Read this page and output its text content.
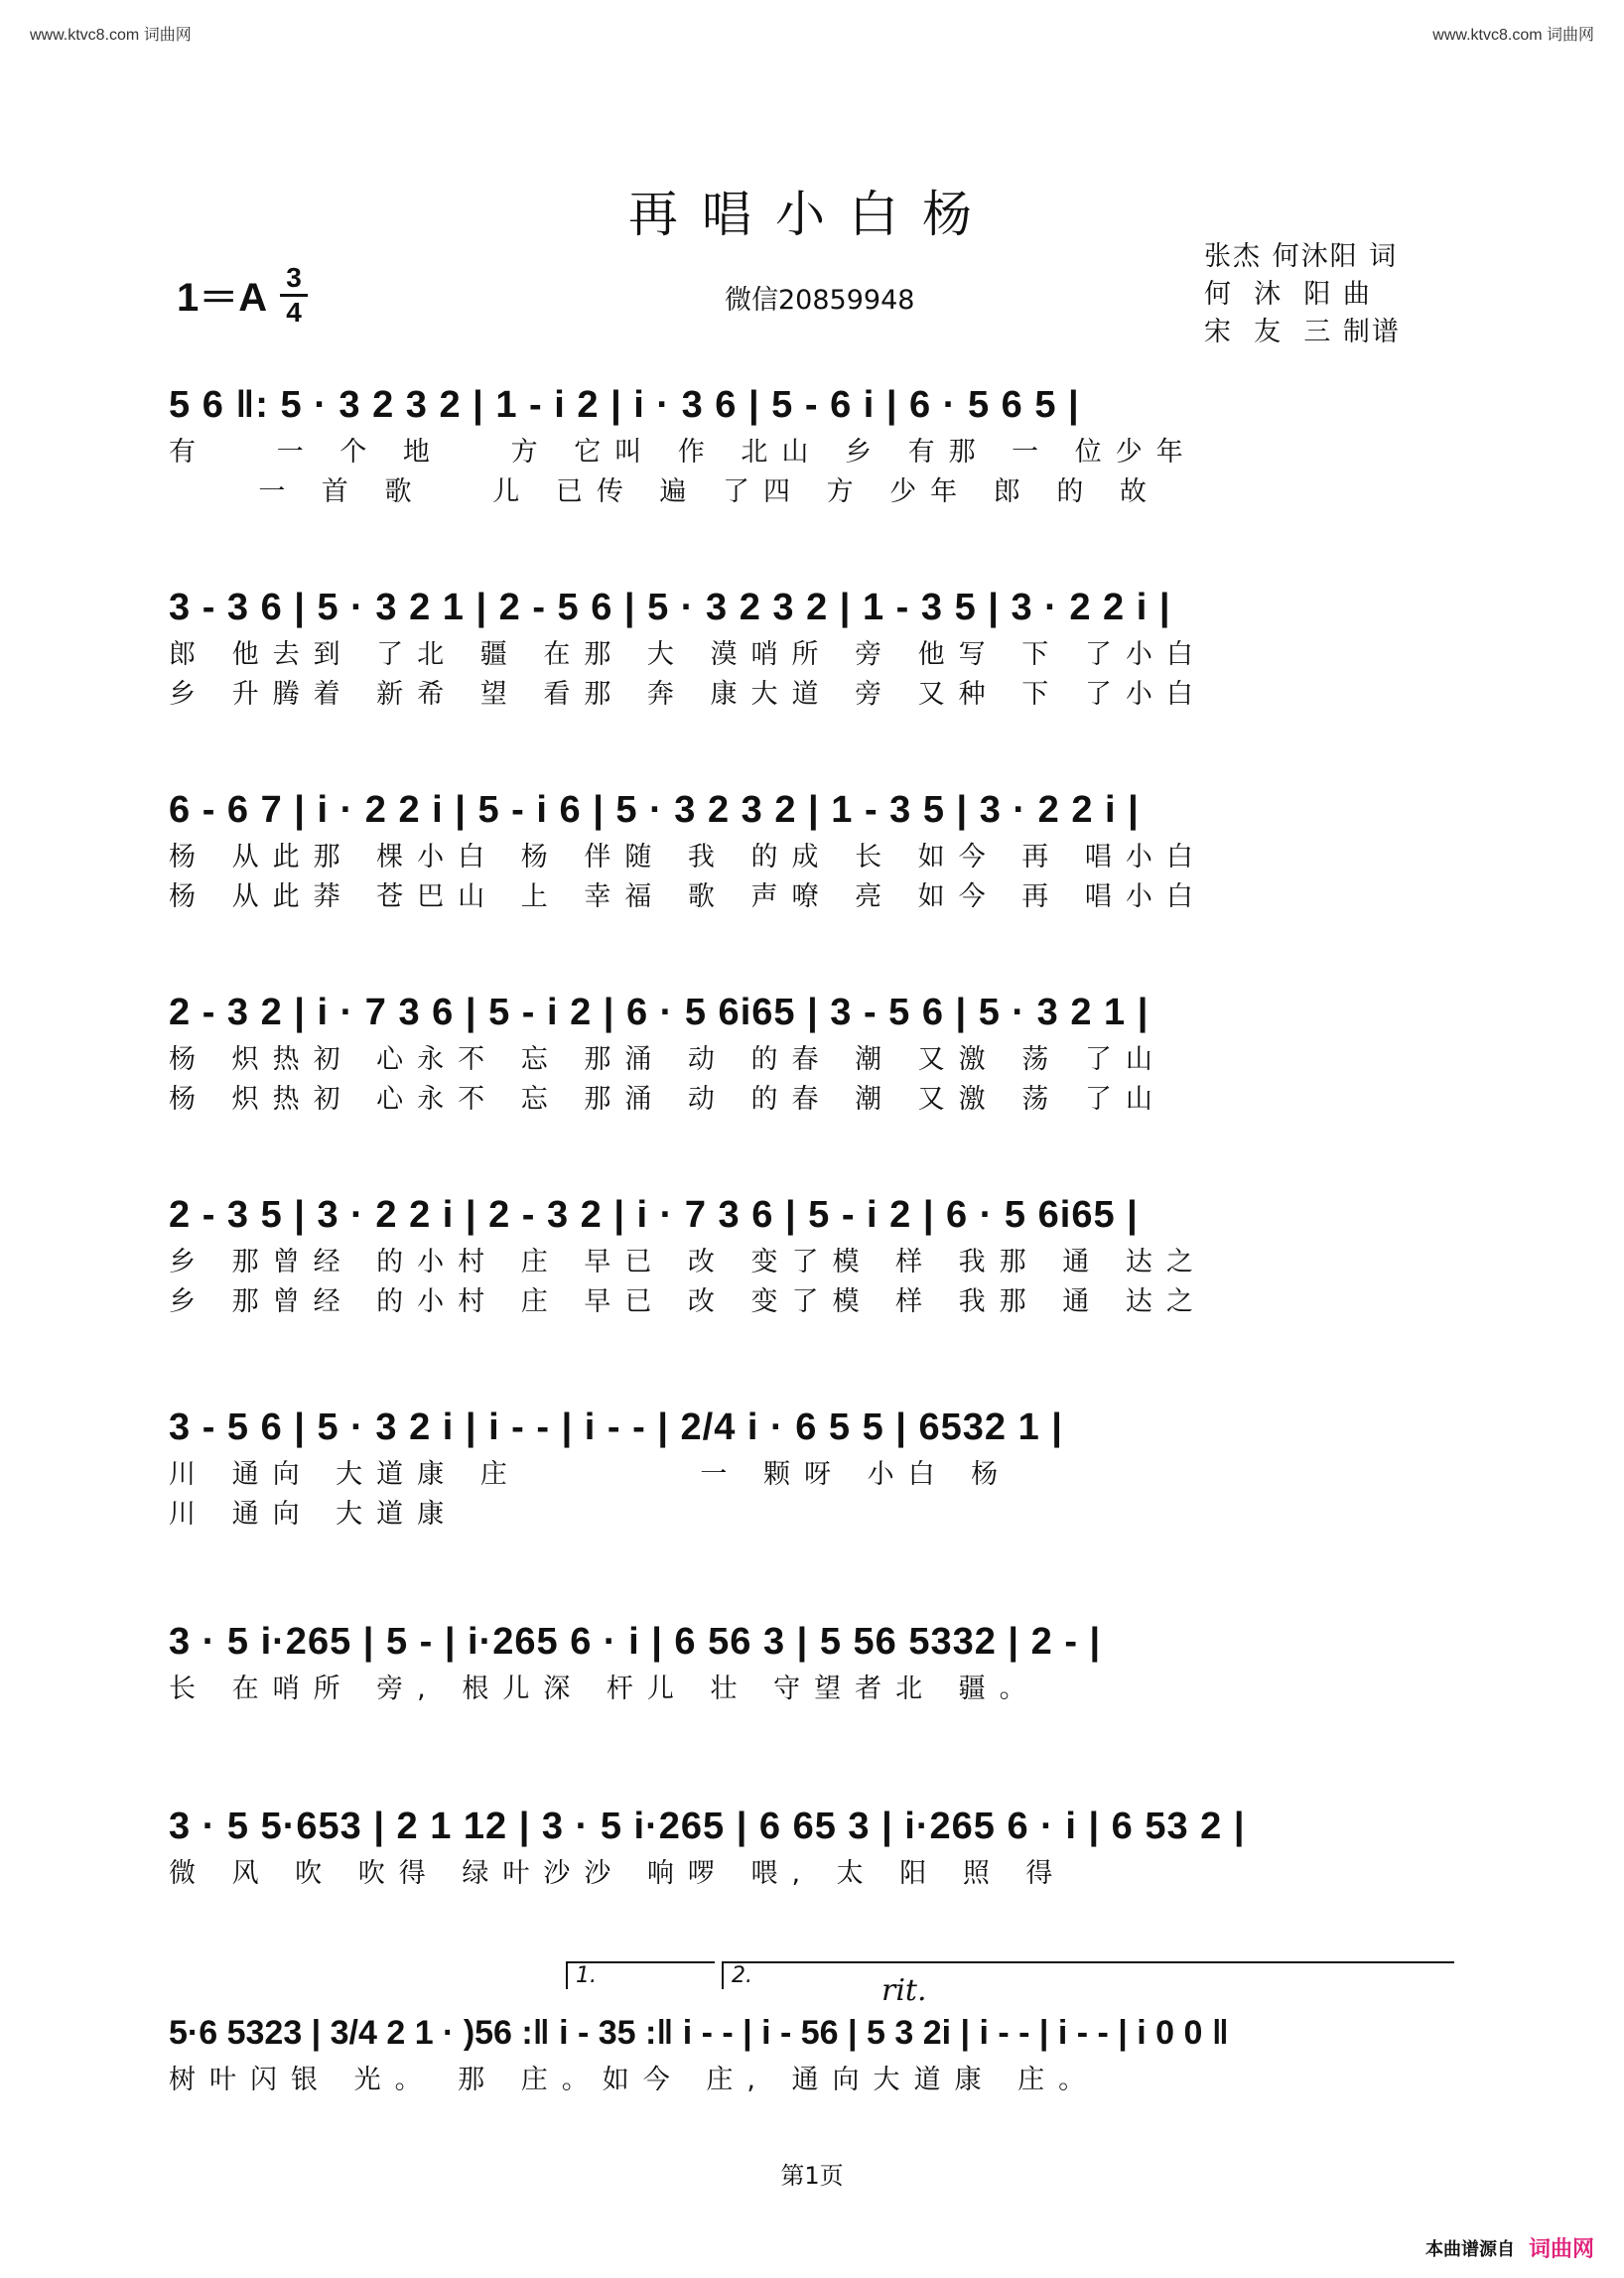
www.ktvc8.com 词曲网	www.ktvc8.com 词曲网
再唱小白杨
1＝A 3
4	微信20859948
张杰 何沐阳 词
何  沐  阳 曲
宋  友  三 制谱
5 6 ‖: 5 · 3 2 3 2 | 1 - i 2 | i · 3 6 | 5 - 6 i | 6 · 5 6 5 |
有   一 个 地   方 它叫 作 北山 乡 有那 一 位少年
一 首 歌   儿 已传 遍 了四 方 少年 郎 的 故
3 - 3 6 | 5 · 3 2 1 | 2 - 5 6 | 5 · 3 2 3 2 | 1 - 3 5 | 3 · 2 2 i |
郎 他去到 了北 疆 在那 大 漠哨所 旁 他写 下 了小白
乡 升腾着 新希 望 看那 奔 康大道 旁 又种 下 了小白
6 - 6 7 | i · 2 2 i | 5 - i 6 | 5 · 3 2 3 2 | 1 - 3 5 | 3 · 2 2 i |
杨 从此那 棵小白 杨 伴随 我 的成 长 如今 再 唱小白
杨 从此莽 苍巴山 上 幸福 歌 声嘹 亮 如今 再 唱小白
2 - 3 2 | i · 7 3 6 | 5 - i 2 | 6 · 5 6i65 | 3 - 5 6 | 5 · 3 2 1 |
杨 炽热初 心永不 忘 那涌 动 的春 潮 又激 荡 了山
杨 炽热初 心永不 忘 那涌 动 的春 潮 又激 荡 了山
2 - 3 5 | 3 · 2 2 i | 2 - 3 2 | i · 7 3 6 | 5 - i 2 | 6 · 5 6i65 |
乡 那曾经 的小村 庄 早已 改 变了模 样 我那 通 达之
乡 那曾经 的小村 庄 早已 改 变了模 样 我那 通 达之
3 - 5 6 | 5 · 3 2 i | i - - | i - - | 2/4 i · 6 5 5 | 6532 1 |
川 通向 大道康 庄        一 颗呀 小白 杨
川 通向 大道康
3 · 5 i·265 | 5 - | i·265 6 · i | 6 56 3 | 5 56 5332 | 2 - |
长 在哨所 旁, 根儿深 杆儿 壮 守望者北 疆。
3 · 5 5·653 | 2 1 12 | 3 · 5 i·265 | 6 65 3 | i·265 6 · i | 6 53 2 |
微 风 吹 吹得 绿叶沙沙 响啰 喂, 太 阳 照 得
1.	2.	rit.
5·6 5323 | 3/4 2 1 · )56 :‖ i - 35 :‖ i - - | i - 56 | 5 3 2i | i - - | i - - | i 0 0 ‖
树叶闪银 光。 那 庄。如今 庄, 通向大道康 庄。
第1页
本曲谱源自 词曲网
